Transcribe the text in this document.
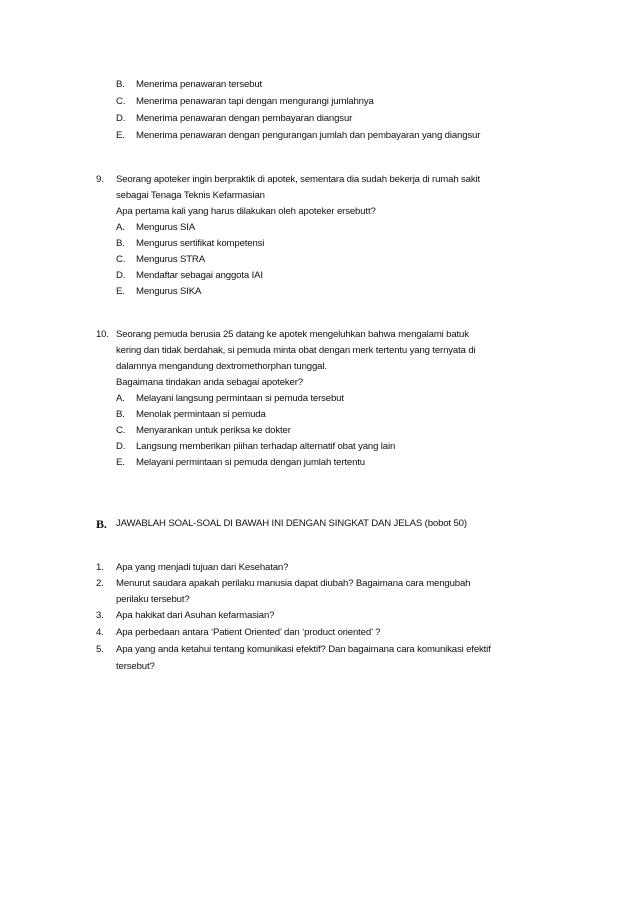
B. Menerima penawaran tersebut
C. Menerima penawaran tapi dengan mengurangi jumlahnya
D. Menerima penawaran dengan pembayaran diangsur
E. Menerima penawaran dengan pengurangan jumlah dan pembayaran yang diangsur
9. Seorang apoteker ingin berpraktik di apotek, sementara dia sudah bekerja di rumah sakit
sebagai Tenaga Teknis Kefarmasian
Apa pertama kali yang harus dilakukan oleh apoteker ersebutt?
A. Mengurus SIA
B. Mengurus sertifikat kompetensi
C. Mengurus STRA
D. Mendaftar sebagai anggota IAI
E. Mengurus SIKA
10. Seorang pemuda berusia 25 datang ke apotek mengeluhkan bahwa mengalami batuk
kering dan tidak berdahak, si pemuda minta obat dengan merk tertentu yang ternyata di
dalamnya mengandung dextromethorphan tunggal.
Bagaimana tindakan anda sebagai apoteker?
A. Melayani langsung permintaan si pemuda tersebut
B. Menolak permintaan si pemuda
C. Menyarankan untuk periksa ke dokter
D. Langsung memberikan piihan terhadap alternatif obat yang lain
E. Melayani permintaan si pemuda dengan jumlah tertentu
B. JAWABLAH SOAL-SOAL DI BAWAH INI DENGAN SINGKAT DAN JELAS (bobot 50)
1. Apa yang menjadi tujuan dari Kesehatan?
2. Menurut saudara apakah perilaku manusia dapat diubah? Bagaimana cara mengubah
perilaku tersebut?
3. Apa hakikat dari Asuhan kefarmasian?
4. Apa perbedaan antara ‘Patient Oriented’ dan ‘product oriented’ ?
5. Apa yang anda ketahui tentang komunikasi efektif? Dan bagaimana cara komunikasi efektif
tersebut?
